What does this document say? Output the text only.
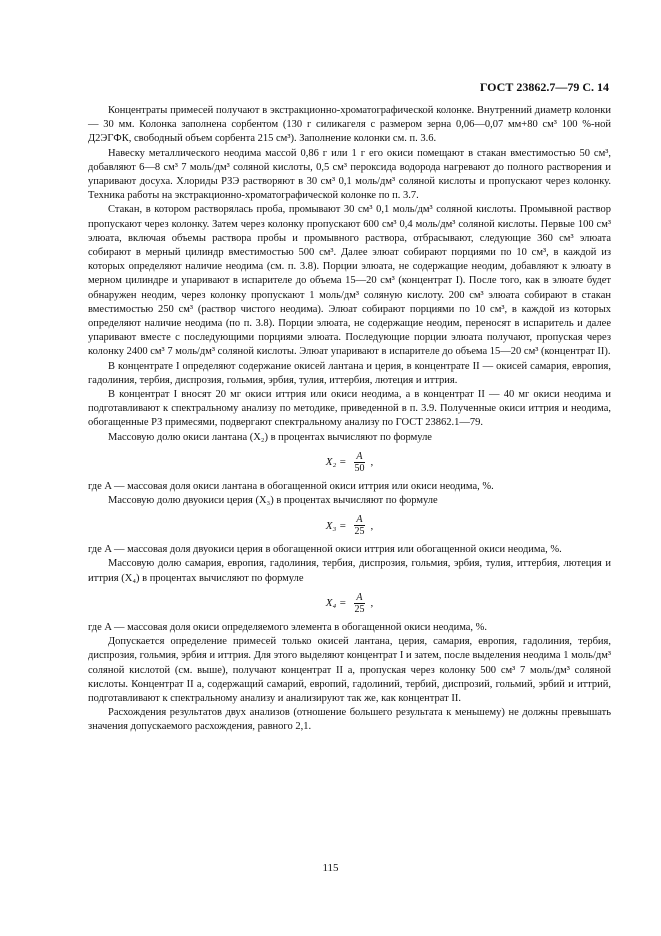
ГОСТ 23862.7—79 С. 14

Концентраты примесей получают в экстракционно-хроматографической колонке. Внутренний диаметр колонки — 30 мм. Колонка заполнена сорбентом (130 г силикагеля с размером зерна 0,06—0,07 мм+80 см³ 100 %-ной Д2ЭГФК, свободный объем сорбента 215 см³). Заполнение колонки см. п. 3.6.

Навеску металлического неодима массой 0,86 г или 1 г его окиси помещают в стакан вместимостью 50 см³, добавляют 6—8 см³ 7 моль/дм³ соляной кислоты, 0,5 см³ пероксида водорода нагревают до полного растворения и упаривают досуха. Хлориды РЗЭ растворяют в 30 см³ 0,1 моль/дм³ соляной кислоты и пропускают через колонку. Техника работы на экстракционно-хроматографической колонке по п. 3.7.

Стакан, в котором растворялась проба, промывают 30 см³ 0,1 моль/дм³ соляной кислоты. Промывной раствор пропускают через колонку. Затем через колонку пропускают 600 см³ 0,4 моль/дм³ соляной кислоты. Первые 100 см³ элюата, включая объемы раствора пробы и промывного раствора, отбрасывают, следующие 360 см³ элюата собирают в мерный цилиндр вместимостью 500 см³. Далее элюат собирают порциями по 10 см³, в каждой из которых определяют наличие неодима (см. п. 3.8). Порции элюата, не содержащие неодим, добавляют к элюату в мерном цилиндре и упаривают в испарителе до объема 15—20 см³ (концентрат I). После того, как в элюате будет обнаружен неодим, через колонку пропускают 1 моль/дм³ соляную кислоту. 200 см³ элюата собирают в стакан вместимостью 250 см³ (раствор чистого неодима). Элюат собирают порциями по 10 см³, в каждой из которых определяют наличие неодима (по п. 3.8). Порции элюата, не содержащие неодим, переносят в испаритель и далее упаривают вместе с последующими порциями элюата. Последующие порции элюата получают, пропуская через колонку 2400 см³ 7 моль/дм³ соляной кислоты. Элюат упаривают в испарителе до объема 15—20 см³ (концентрат II).

В концентрате I определяют содержание окисей лантана и церия, в концентрате II — окисей самария, европия, гадолиния, тербия, диспрозия, гольмия, эрбия, тулия, иттербия, лютеция и иттрия.

В концентрат I вносят 20 мг окиси иттрия или окиси неодима, а в концентрат II — 40 мг окиси неодима и подготавливают к спектральному анализу по методике, приведенной в п. 3.9. Полученные окиси иттрия и неодима, обогащенные РЗ примесями, подвергают спектральному анализу по ГОСТ 23862.1—79.

Массовую долю окиси лантана (X₂) в процентах вычисляют по формуле

$X_2 = \frac{A}{50}$ ,

где A — массовая доля окиси лантана в обогащенной окиси иттрия или окиси неодима, %.

Массовую долю двуокиси церия (X₃) в процентах вычисляют по формуле

$X_3 = \frac{A}{25}$ ,

где A — массовая доля двуокиси церия в обогащенной окиси иттрия или обогащенной окиси неодима, %.

Массовую долю самария, европия, гадолиния, тербия, диспрозия, гольмия, эрбия, тулия, иттербия, лютеция и иттрия (X₄) в процентах вычисляют по формуле

$X_4 = \frac{A}{25}$ ,

где A — массовая доля окиси определяемого элемента в обогащенной окиси неодима, %.

Допускается определение примесей только окисей лантана, церия, самария, европия, гадолиния, тербия, диспрозия, гольмия, эрбия и иттрия. Для этого выделяют концентрат I и затем, после выделения неодима 1 моль/дм³ соляной кислотой (см. выше), получают концентрат II а, пропуская через колонку 500 см³ 7 моль/дм³ соляной кислоты. Концентрат II а, содержащий самарий, европий, гадолиний, тербий, диспрозий, гольмий, эрбий и иттрий, подготавливают к спектральному анализу и анализируют так же, как концентрат II.

Расхождения результатов двух анализов (отношение большего результата к меньшему) не должны превышать значения допускаемого расхождения, равного 2,1.

115
